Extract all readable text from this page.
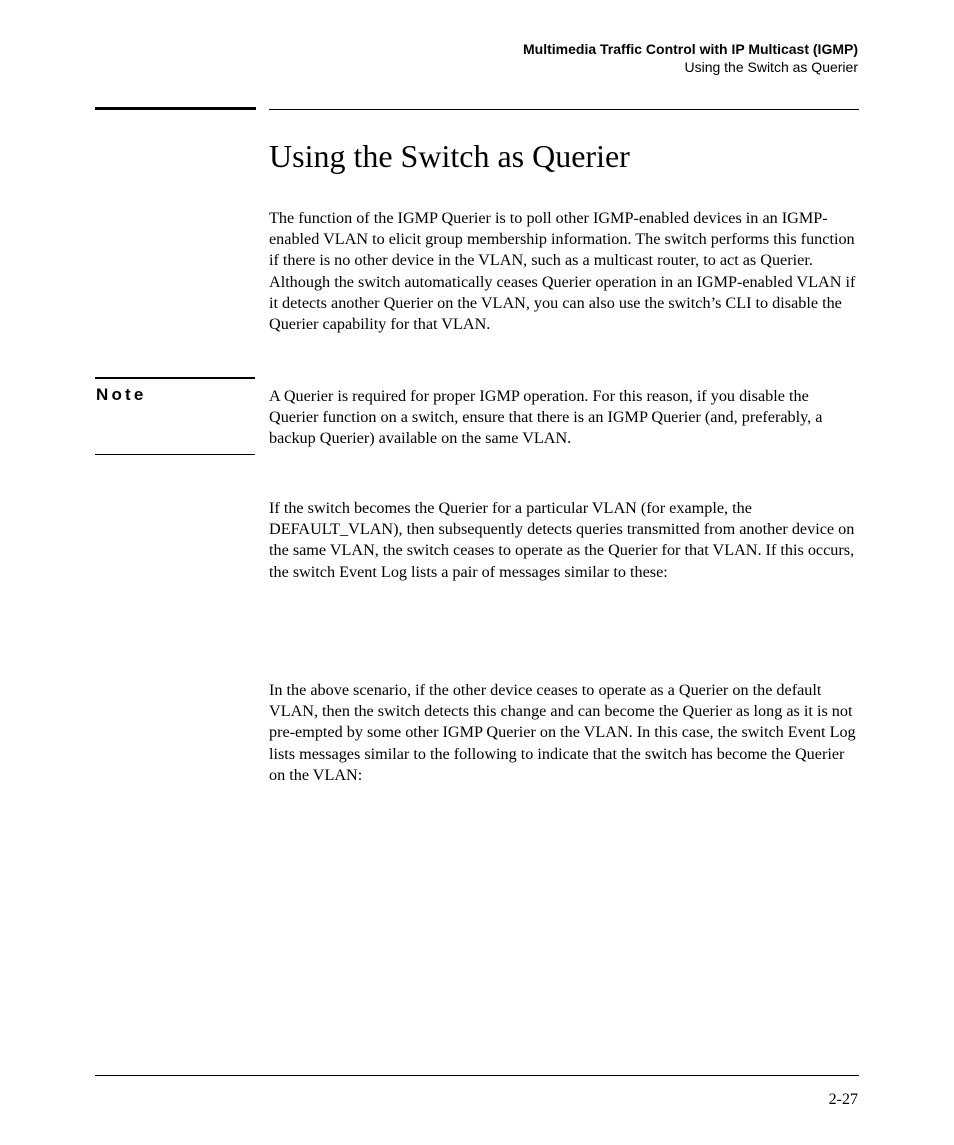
Multimedia Traffic Control with IP Multicast (IGMP)
Using the Switch as Querier
Using the Switch as Querier

The function of the IGMP Querier is to poll other IGMP-enabled devices in an IGMP-enabled VLAN to elicit group membership information. The switch performs this function if there is no other device in the VLAN, such as a multicast router, to act as Querier. Although the switch automatically ceases Querier operation in an IGMP-enabled VLAN if it detects another Querier on the VLAN, you can also use the switch’s CLI to disable the Querier capability for that VLAN.

Note	A Querier is required for proper IGMP operation. For this reason, if you disable the Querier function on a switch, ensure that there is an IGMP Querier (and, preferably, a backup Querier) available on the same VLAN.

If the switch becomes the Querier for a particular VLAN (for example, the DEFAULT_VLAN), then subsequently detects queries transmitted from another device on the same VLAN, the switch ceases to operate as the Querier for that VLAN. If this occurs, the switch Event Log lists a pair of messages similar to these:

In the above scenario, if the other device ceases to operate as a Querier on the default VLAN, then the switch detects this change and can become the Querier as long as it is not pre-empted by some other IGMP Querier on the VLAN. In this case, the switch Event Log lists messages similar to the following to indicate that the switch has become the Querier on the VLAN:

2-27
